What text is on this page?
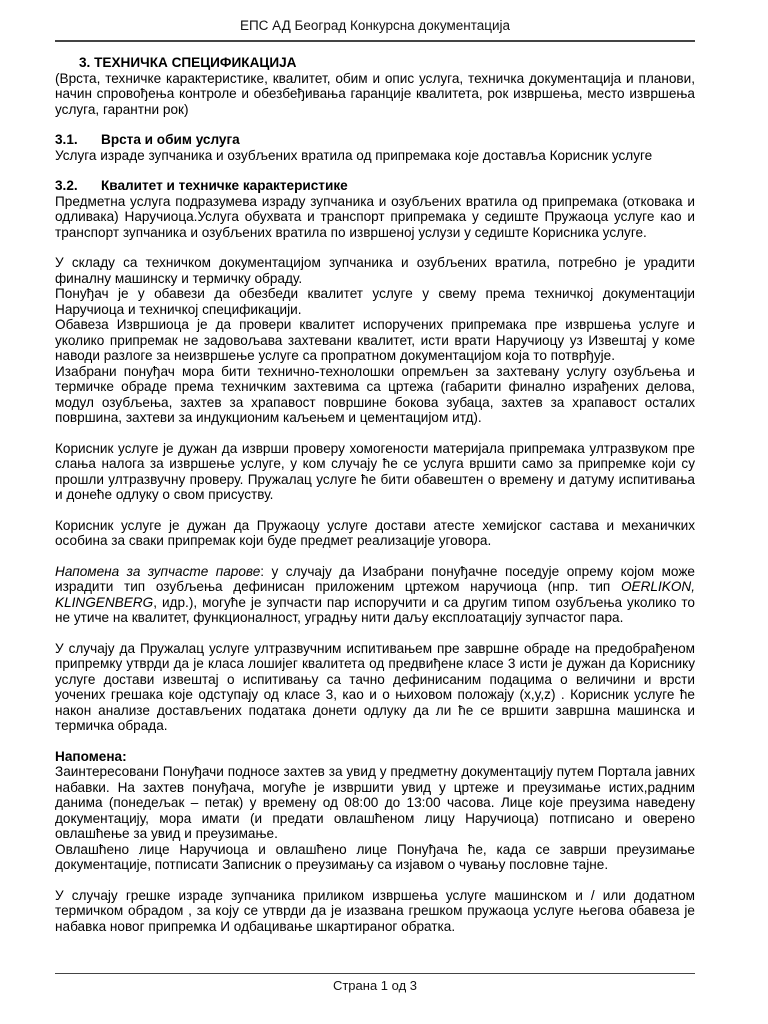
ЕПС АД Београд Конкурсна документација

3. ТЕХНИЧКА СПЕЦИФИКАЦИЈА

(Врста, техничке карактеристике, квалитет, обим и опис услуга, техничка документација и планови, начин спровођења контроле и обезбеђивања гаранције квалитета, рок извршења, место извршења услуга, гарантни рок)

3.1.	Врста и обим услуга

Услуга израде зупчаника и озубљених вратила од припремака које доставља Корисник услуге

3.2.	Квалитет и техничке карактеристике

Предметна услуга подразумева израду зупчаника и озубљених вратила од припремака (отковака и одливака) Наручиоца.Услуга обухвата и транспорт припремака у седиште Пружаоца услуге као и транспорт зупчаника и озубљених вратила по извршеној услузи у седиште Корисника услуге.

У складу са техничком документацијом зупчаника и озубљених вратила, потребно је урадити финалну машинску и термичку обраду.

Понуђач је у обавези да обезбеди квалитет услуге у свему према техничкој документацији Наручиоца и техничкој спецификацији.

Обавеза Извршиоца је да провери квалитет испоручених припремака пре извршења услуге и уколико припремак не задовољава захтевани квалитет, исти врати Наручиоцу уз Извештај у коме наводи разлоге за неизвршење услуге са пропратном документацијом која то потврђује.

Изабрани понуђач мора бити технично-технолошки опремљен за захтевану услугу озубљења и термичке обраде према техничким захтевима са цртежа (габарити финално израђених делова, модул озубљења, захтев за храпавост површине бокова зубаца, захтев за храпавост осталих површина, захтеви за индукционим каљењем и цементацијом итд).

Корисник услуге је дужан да изврши проверу хомогености материјала припремака ултразвуком пре слања налога за извршење услуге, у ком случају ће се услуга вршити само за припремке који су прошли ултразвучну проверу. Пружалац услуге ће бити обавештен о времену и датуму испитивања и донеће одлуку о свом присуству.

Корисник услуге је дужан да Пружаоцу услуге достави атесте хемијског састава и механичких особина за сваки припремак који буде предмет реализације уговора.

Напомена за зупчасте парове: у случају да Изабрани понуђачне поседује опрему којом може израдити тип озубљења дефинисан приложеним цртежом наручиоца (нпр. тип OERLIKON, KLINGENBERG, идр.), могуће је зупчасти пар испоручити и са другим типом озубљења уколико то не утиче на квалитет, функционалност, уградњу нити даљу експлоатацију зупчастог пара.

У случају да Пружалац услуге ултразвучним испитивањем пре завршне обраде на предобрађеном припремку утврди да је класа лошијег квалитета од предвиђене класе 3 исти је дужан да Кориснику услуге достави извештај о испитивању са тачно дефинисаним подацима о величини и врсти уочених грешака које одступају од класе 3, као и о њиховом положају (x,y,z) . Корисник услуге ће након анализе достављених података донети одлуку да ли ће се вршити завршна машинска и термичка обрада.

Напомена:

Заинтересовани Понуђачи подносе захтев за увид у предметну документацију путем Портала јавних набавки. На захтев понуђача, могуће је извршити увид у цртеже и преузимање истих,радним данима (понедељак – петак) у времену од 08:00 до 13:00 часова. Лице које преузима наведену документацију, мора имати (и предати овлашћеном лицу Наручиоца) потписано и оверено овлашћење за увид и преузимање.

Овлашћено лице Наручиоца и овлашћено лице Понуђача ће, када се заврши преузимање документације, потписати Записник о преузимању са изјавом о чувању пословне тајне.

У случају грешке израде зупчаника приликом извршења услуге машинском и / или додатном термичком обрадом , за коју се утврди да је изазвана грешком пружаоца услуге његова обавеза је набавка новог припремка И одбацивање шкартираног обратка.

Страна 1 од 3
